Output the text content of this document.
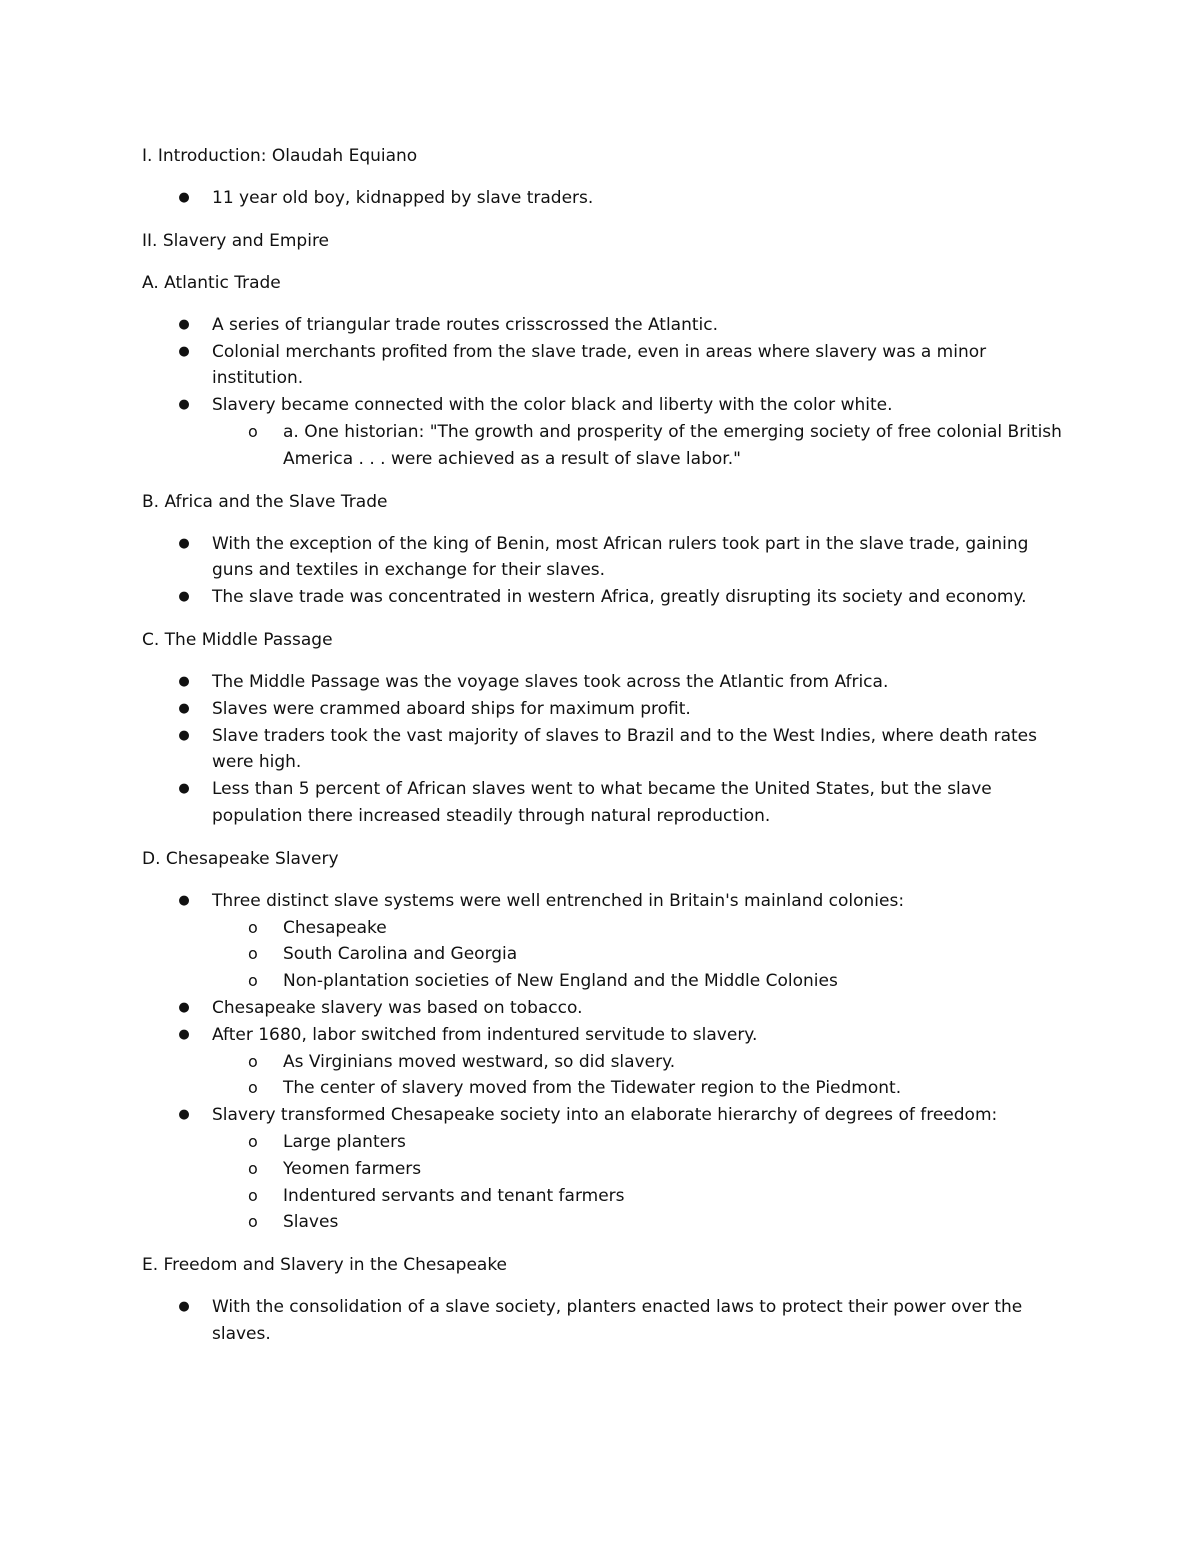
I. Introduction: Olaudah Equiano
● 11 year old boy, kidnapped by slave traders.
II. Slavery and Empire
A. Atlantic Trade
● A series of triangular trade routes crisscrossed the Atlantic.
● Colonial merchants profited from the slave trade, even in areas where slavery was a minor institution.
● Slavery became connected with the color black and liberty with the color white.
o a. One historian: "The growth and prosperity of the emerging society of free colonial British America . . . were achieved as a result of slave labor."
B. Africa and the Slave Trade
● With the exception of the king of Benin, most African rulers took part in the slave trade, gaining guns and textiles in exchange for their slaves.
● The slave trade was concentrated in western Africa, greatly disrupting its society and economy.
C. The Middle Passage
● The Middle Passage was the voyage slaves took across the Atlantic from Africa.
● Slaves were crammed aboard ships for maximum profit.
● Slave traders took the vast majority of slaves to Brazil and to the West Indies, where death rates were high.
● Less than 5 percent of African slaves went to what became the United States, but the slave population there increased steadily through natural reproduction.
D. Chesapeake Slavery
● Three distinct slave systems were well entrenched in Britain's mainland colonies:
o Chesapeake
o South Carolina and Georgia
o Non-plantation societies of New England and the Middle Colonies
● Chesapeake slavery was based on tobacco.
● After 1680, labor switched from indentured servitude to slavery.
o As Virginians moved westward, so did slavery.
o The center of slavery moved from the Tidewater region to the Piedmont.
● Slavery transformed Chesapeake society into an elaborate hierarchy of degrees of freedom:
o Large planters
o Yeomen farmers
o Indentured servants and tenant farmers
o Slaves
E. Freedom and Slavery in the Chesapeake
● With the consolidation of a slave society, planters enacted laws to protect their power over the slaves.
